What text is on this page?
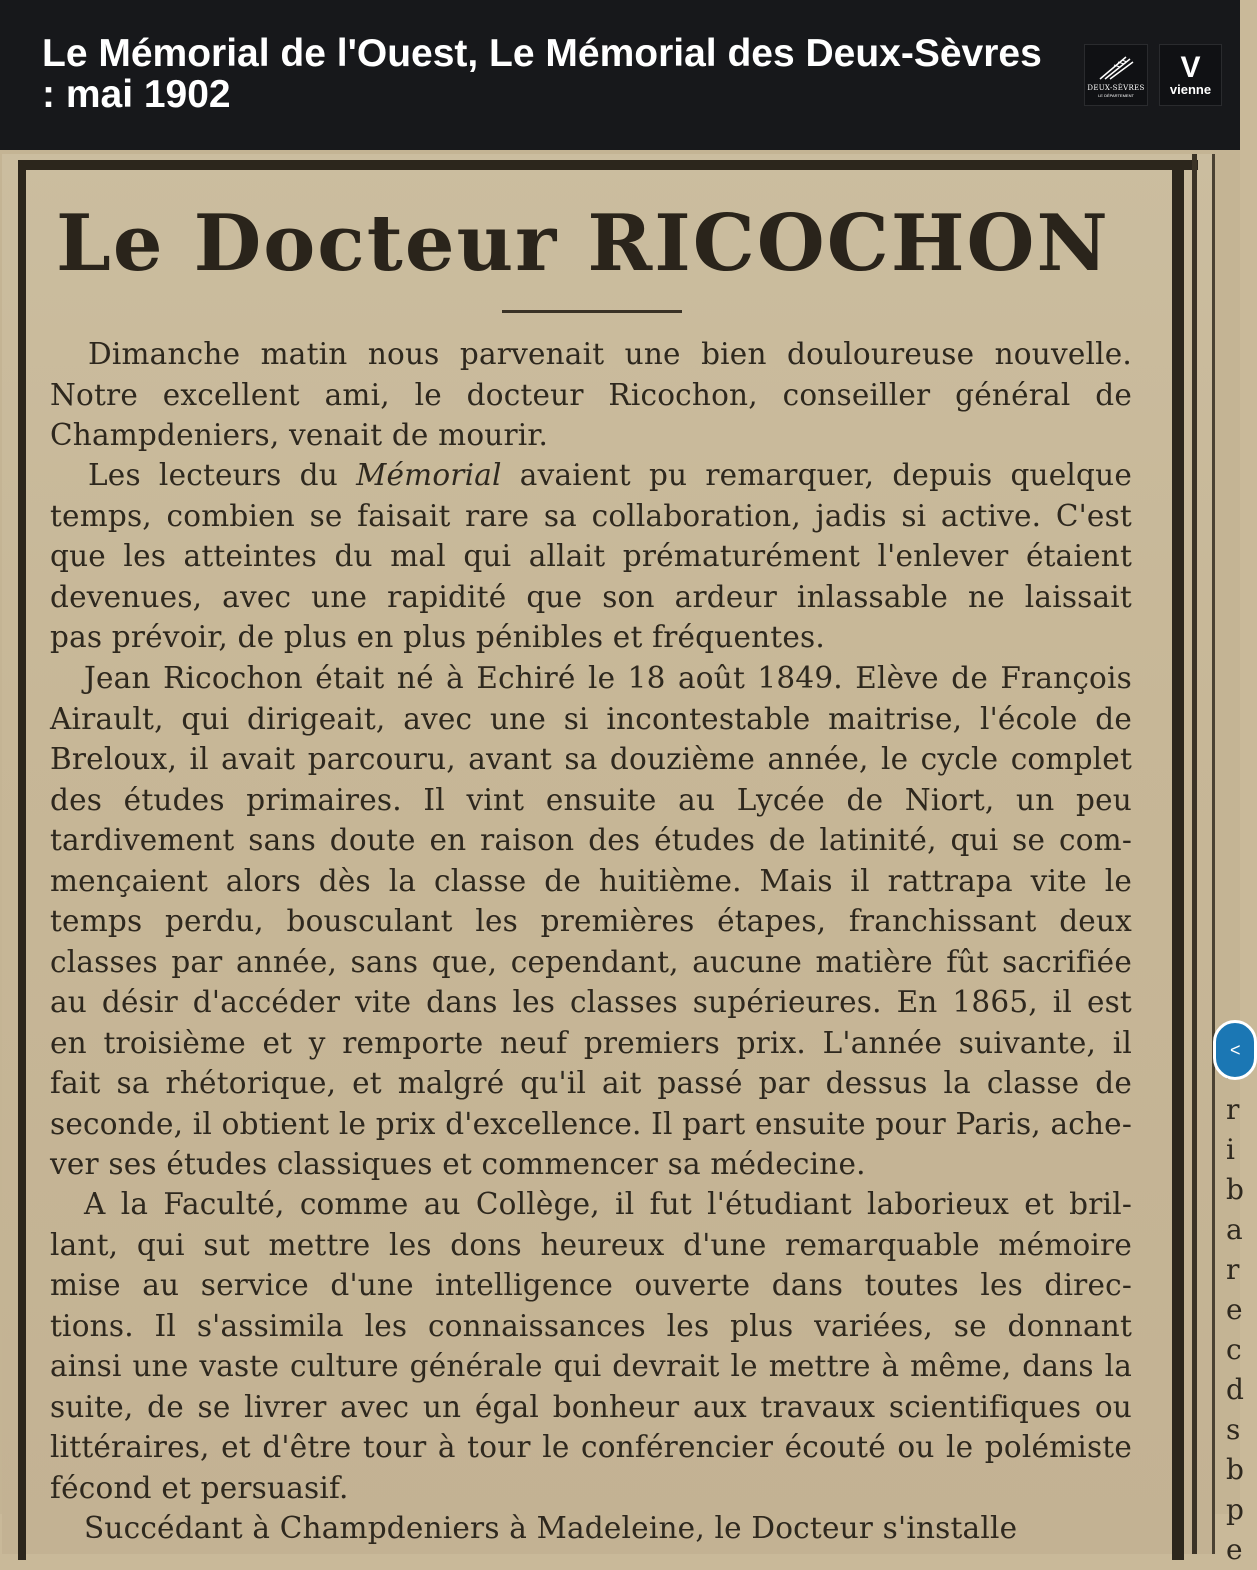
Le Mémorial de l'Ouest, Le Mémorial des Deux-Sèvres : mai 1902	DEUX-SÈVRES
LE DÉPARTEMENT
V
vienne
Le Docteur RICOCHON

Dimanche matin nous parvenait une bien douloureuse nouvelle.
Notre excellent ami, le docteur Ricochon, conseiller général de
Champdeniers, venait de mourir.

Les lecteurs du Mémorial avaient pu remarquer, depuis quelque
temps, combien se faisait rare sa collaboration, jadis si active. C'est
que les atteintes du mal qui allait prématurément l'enlever étaient
devenues, avec une rapidité que son ardeur inlassable ne laissait
pas prévoir, de plus en plus pénibles et fréquentes.

Jean Ricochon était né à Echiré le 18 août 1849. Elève de François
Airault, qui dirigeait, avec une si incontestable maitrise, l'école de
Breloux, il avait parcouru, avant sa douzième année, le cycle complet
des études primaires. Il vint ensuite au Lycée de Niort, un peu
tardivement sans doute en raison des études de latinité, qui se com-
mençaient alors dès la classe de huitième. Mais il rattrapa vite le
temps perdu, bousculant les premières étapes, franchissant deux
classes par année, sans que, cependant, aucune matière fût sacrifiée
au désir d'accéder vite dans les classes supérieures. En 1865, il est
en troisième et y remporte neuf premiers prix. L'année suivante, il
fait sa rhétorique, et malgré qu'il ait passé par dessus la classe de
seconde, il obtient le prix d'excellence. Il part ensuite pour Paris, ache-
ver ses études classiques et commencer sa médecine.

A la Faculté, comme au Collège, il fut l'étudiant laborieux et bril-
lant, qui sut mettre les dons heureux d'une remarquable mémoire
mise au service d'une intelligence ouverte dans toutes les direc-
tions. Il s'assimila les connaissances les plus variées, se donnant
ainsi une vaste culture générale qui devrait le mettre à même, dans la
suite, de se livrer avec un égal bonheur aux travaux scientifiques ou
littéraires, et d'être tour à tour le conférencier écouté ou le polémiste
fécond et persuasif.

Succédant à Champdeniers à Madeleine, le Docteur s'installe

r
i
b
a
r
e
c
d
s
b
p
e
<
